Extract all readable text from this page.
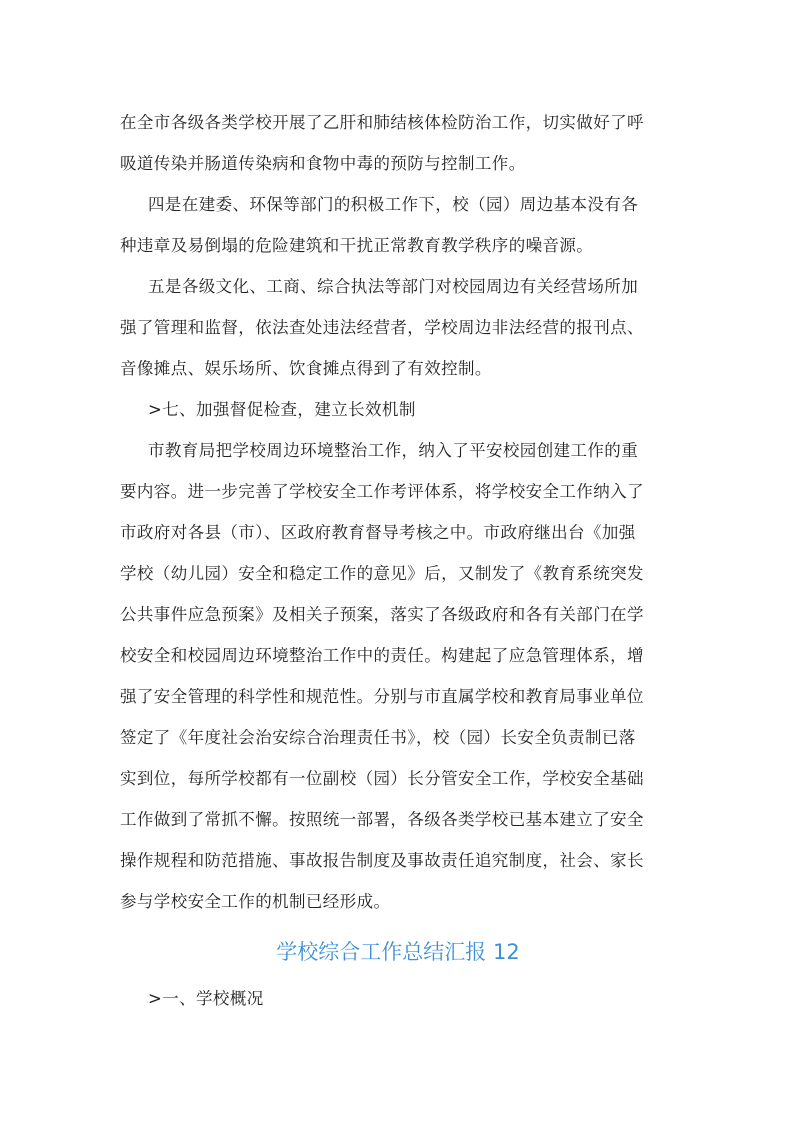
在全市各级各类学校开展了乙肝和肺结核体检防治工作，切实做好了呼
吸道传染并肠道传染病和食物中毒的预防与控制工作。
四是在建委、环保等部门的积极工作下，校（园）周边基本没有各
种违章及易倒塌的危险建筑和干扰正常教育教学秩序的噪音源。
五是各级文化、工商、综合执法等部门对校园周边有关经营场所加
强了管理和监督，依法查处违法经营者，学校周边非法经营的报刊点、
音像摊点、娱乐场所、饮食摊点得到了有效控制。
>七、加强督促检查，建立长效机制
市教育局把学校周边环境整治工作，纳入了平安校园创建工作的重
要内容。进一步完善了学校安全工作考评体系，将学校安全工作纳入了
市政府对各县（市）、区政府教育督导考核之中。市政府继出台《加强
学校（幼儿园）安全和稳定工作的意见》后，又制发了《教育系统突发
公共事件应急预案》及相关子预案，落实了各级政府和各有关部门在学
校安全和校园周边环境整治工作中的责任。构建起了应急管理体系，增
强了安全管理的科学性和规范性。分别与市直属学校和教育局事业单位
签定了《年度社会治安综合治理责任书》，校（园）长安全负责制已落
实到位，每所学校都有一位副校（园）长分管安全工作，学校安全基础
工作做到了常抓不懈。按照统一部署，各级各类学校已基本建立了安全
操作规程和防范措施、事故报告制度及事故责任追究制度，社会、家长
参与学校安全工作的机制已经形成。
学校综合工作总结汇报 12
>一、学校概况
